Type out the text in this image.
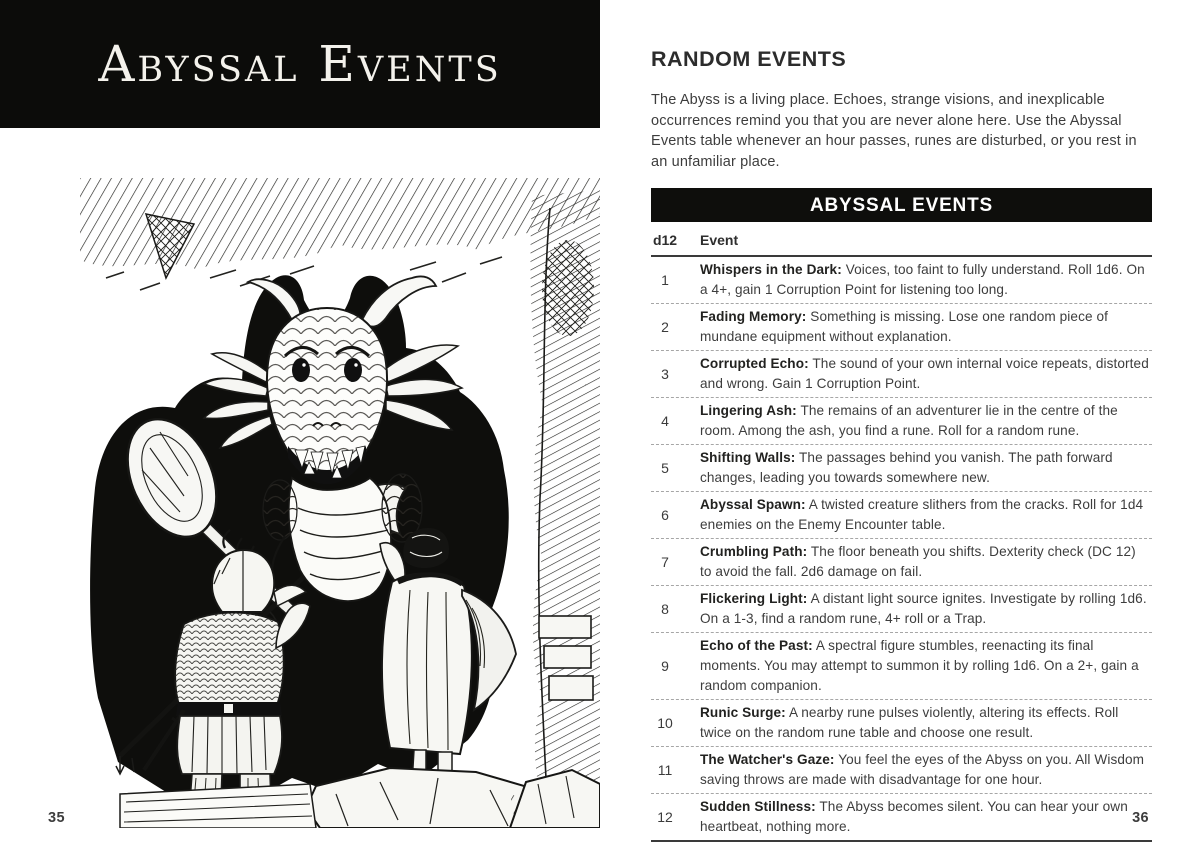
Abyssal Events
35
RANDOM EVENTS

The Abyss is a living place. Echoes, strange visions, and inexplicable occurrences remind you that you are never alone here. Use the Abyssal Events table whenever an hour passes, runes are disturbed, or you rest in an unfamiliar place.

ABYSSAL EVENTS
d12 Event
1
Whispers in the Dark: Voices, too faint to fully understand. Roll 1d6. On a 4+, gain 1 Corruption Point for listening too long.
2
Fading Memory: Something is missing. Lose one random piece of mundane equipment without explanation.
3
Corrupted Echo: The sound of your own internal voice repeats, distorted and wrong. Gain 1 Corruption Point.
4
Lingering Ash: The remains of an adventurer lie in the centre of the room. Among the ash, you find a rune. Roll for a random rune.
5
Shifting Walls: The passages behind you vanish. The path forward changes, leading you towards somewhere new.
6
Abyssal Spawn: A twisted creature slithers from the cracks. Roll for 1d4 enemies on the Enemy Encounter table.
7
Crumbling Path: The floor beneath you shifts. Dexterity check (DC 12) to avoid the fall. 2d6 damage on fail.
8
Flickering Light: A distant light source ignites. Investigate by rolling 1d6. On a 1-3, find a random rune, 4+ roll or a Trap.
9
Echo of the Past: A spectral figure stumbles, reenacting its final moments. You may attempt to summon it by rolling 1d6. On a 2+, gain a random companion.
10
Runic Surge: A nearby rune pulses violently, altering its effects. Roll twice on the random rune table and choose one result.
11
The Watcher's Gaze: You feel the eyes of the Abyss on you. All Wisdom saving throws are made with disadvantage for one hour.
12
Sudden Stillness: The Abyss becomes silent. You can hear your own heartbeat, nothing more.
36
